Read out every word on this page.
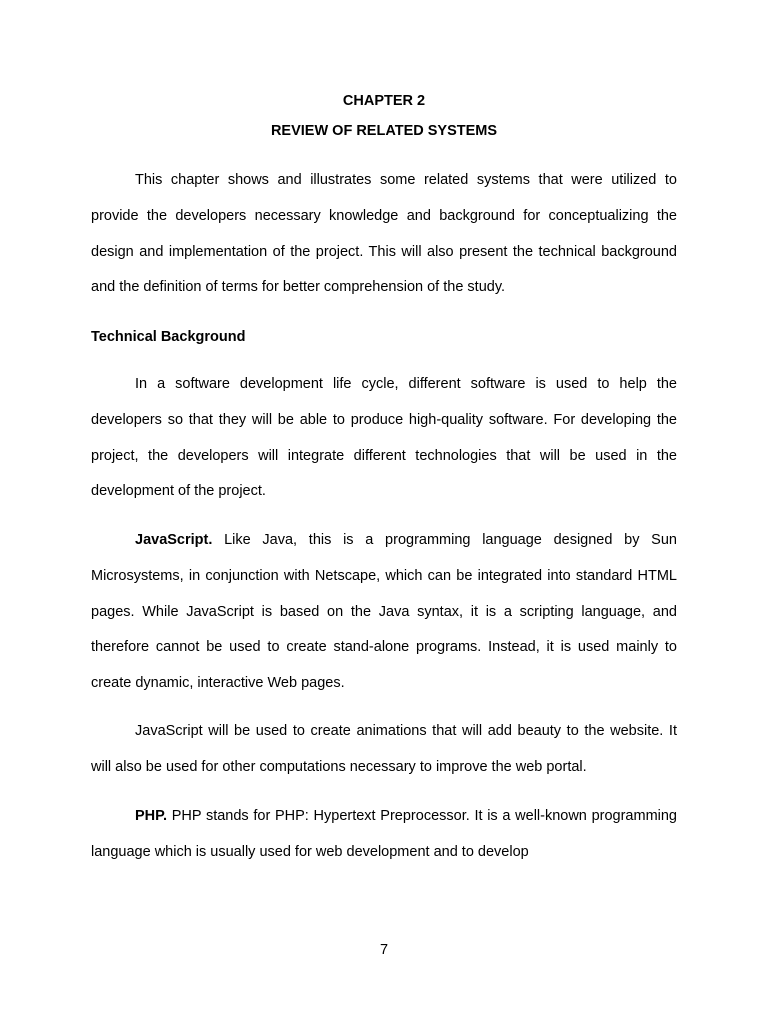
CHAPTER 2

REVIEW OF RELATED SYSTEMS

This chapter shows and illustrates some related systems that were utilized to provide the developers necessary knowledge and background for conceptualizing the design and implementation of the project. This will also present the technical background and the definition of terms for better comprehension of the study.

Technical Background

In a software development life cycle, different software is used to help the developers so that they will be able to produce high-quality software. For developing the project, the developers will integrate different technologies that will be used in the development of the project.

JavaScript. Like Java, this is a programming language designed by Sun Microsystems, in conjunction with Netscape, which can be integrated into standard HTML pages. While JavaScript is based on the Java syntax, it is a scripting language, and therefore cannot be used to create stand-alone programs. Instead, it is used mainly to create dynamic, interactive Web pages.

JavaScript will be used to create animations that will add beauty to the website. It will also be used for other computations necessary to improve the web portal.

PHP. PHP stands for PHP: Hypertext Preprocessor. It is a well-known programming language which is usually used for web development and to develop

7
